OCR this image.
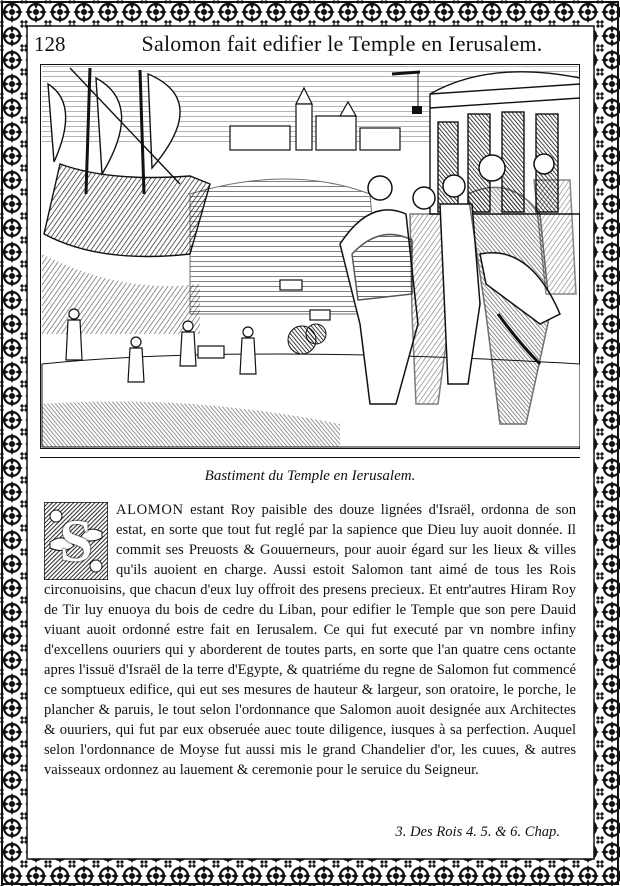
128	Salomon fait edifier le Temple en Ierusalem.
Bastiment du Temple en Ierusalem.
S	ALOMON estant Roy paisible des douze lignées d'Israël, ordonna de son estat, en sorte que tout fut reglé par la sapience que Dieu luy auoit donnée. Il commit ses Preuosts & Gouuerneurs, pour auoir égard sur les lieux & villes qu'ils auoient en charge. Aussi estoit Salomon tant aimé de tous les Rois circonuoisins, que chacun d'eux luy offroit des presens precieux. Et entr'autres Hiram Roy de Tir luy enuoya du bois de cedre du Liban, pour edifier le Temple que son pere Dauid viuant auoit ordonné estre fait en Ierusalem. Ce qui fut executé par vn nombre infiny d'excellens ouuriers qui y aborderent de toutes parts, en sorte que l'an quatre cens octante apres l'issuë d'Israël de la terre d'Egypte, & quatriéme du regne de Salomon fut commencé ce somptueux edifice, qui eut ses mesures de hauteur & largeur, son oratoire, le porche, le plancher & paruis, le tout selon l'ordonnance que Salomon auoit designée aux Architectes & ouuriers, qui fut par eux obseruée auec toute diligence, iusques à sa perfection. Auquel selon l'ordonnance de Moyse fut aussi mis le grand Chandelier d'or, les cuues, & autres vaisseaux ordonnez au lauement & ceremonie pour le seruice du Seigneur.
3. Des Rois 4. 5. & 6. Chap.
